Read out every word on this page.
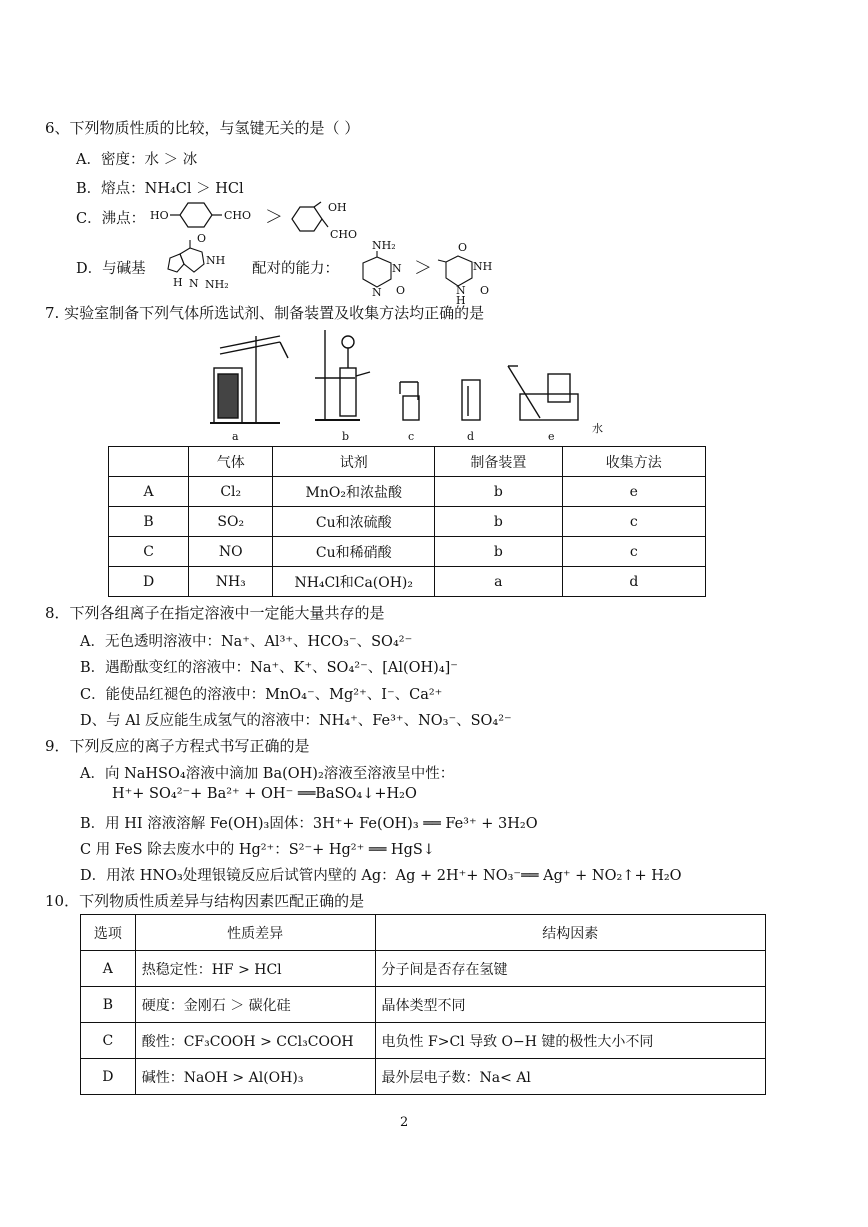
6、下列物质性质的比较，与氢键无关的是（ ）
A．密度：水 ＞ 冰
B．熔点：NH₄Cl ＞ HCl
C．沸点： HO	CHO ＞	OH
CHO
D．与碱基
O
NH
H N NH₂
配对的能力：
NH₂
N
N O
＞
O
NH
N
H
O
7. 实验室制备下列气体所选试剂、制备装置及收集方法均正确的是
a	b	c	d	e
水
	气体	试剂	制备装置	收集方法
A	Cl₂	MnO₂和浓盐酸	b	e
B	SO₂	Cu和浓硫酸	b	c
C	NO	Cu和稀硝酸	b	c
D	NH₃	NH₄Cl和Ca(OH)₂	a	d
8．下列各组离子在指定溶液中一定能大量共存的是
A．无色透明溶液中：Na⁺、Al³⁺、HCO₃⁻、SO₄²⁻
B．遇酚酞变红的溶液中：Na⁺、K⁺、SO₄²⁻、[Al(OH)₄]⁻
C．能使品红褪色的溶液中：MnO₄⁻、Mg²⁺、I⁻、Ca²⁺
D、与 Al 反应能生成氢气的溶液中：NH₄⁺、Fe³⁺、NO₃⁻、SO₄²⁻
9．下列反应的离子方程式书写正确的是
A．向 NaHSO₄溶液中滴加 Ba(OH)₂溶液至溶液呈中性：
H⁺+ SO₄²⁻+ Ba²⁺ + OH⁻ ══BaSO₄↓+H₂O
B．用 HI 溶液溶解 Fe(OH)₃固体：3H⁺+ Fe(OH)₃ ══ Fe³⁺ + 3H₂O
C 用 FeS 除去废水中的 Hg²⁺：S²⁻+ Hg²⁺ ══ HgS↓
D．用浓 HNO₃处理银镜反应后试管内壁的 Ag：Ag + 2H⁺+ NO₃⁻══ Ag⁺ + NO₂↑+ H₂O
10．下列物质性质差异与结构因素匹配正确的是
选项	性质差异	结构因素
A	热稳定性：HF > HCl	分子间是否存在氢键
B	硬度：金刚石 ＞ 碳化硅	晶体类型不同
C	酸性：CF₃COOH > CCl₃COOH	电负性 F>Cl 导致 O−H 键的极性大小不同
D	碱性：NaOH > Al(OH)₃	最外层电子数：Na< Al
2
